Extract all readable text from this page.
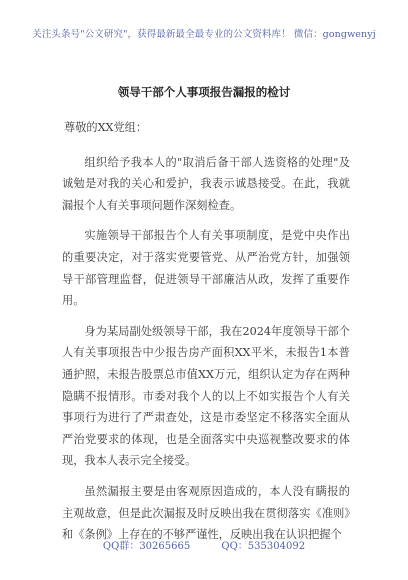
关注头条号"公文研究"，获得最新最全最专业的公文资料库！ 微信：gongwenyj
领导干部个人事项报告漏报的检讨

尊敬的XX党组：

组织给予我本人的"取消后备干部人选资格的处理"及诚勉是对我的关心和爱护，我表示诚恳接受。在此，我就漏报个人有关事项问题作深刻检查。

实施领导干部报告个人有关事项制度，是党中央作出的重要决定，对于落实党要管党、从严治党方针，加强领导干部管理监督，促进领导干部廉洁从政，发挥了重要作用。

身为某局副处级领导干部，我在2024年度领导干部个人有关事项报告中少报告房产面积XX平米，未报告1本普通护照，未报告股票总市值XX万元，组织认定为存在两种隐瞒不报情形。市委对我个人的以上不如实报告个人有关事项行为进行了严肃查处，这是市委坚定不移落实全面从严治党要求的体现，也是全面落实中央巡视整改要求的体现，我本人表示完全接受。

虽然漏报主要是由客观原因造成的，本人没有瞒报的主观故意，但是此次漏报及时反映出我在贯彻落实《准则》和《条例》上存在的不够严谨性，反映出我在认识把握个

QQ群：30265665	QQ：535304092
